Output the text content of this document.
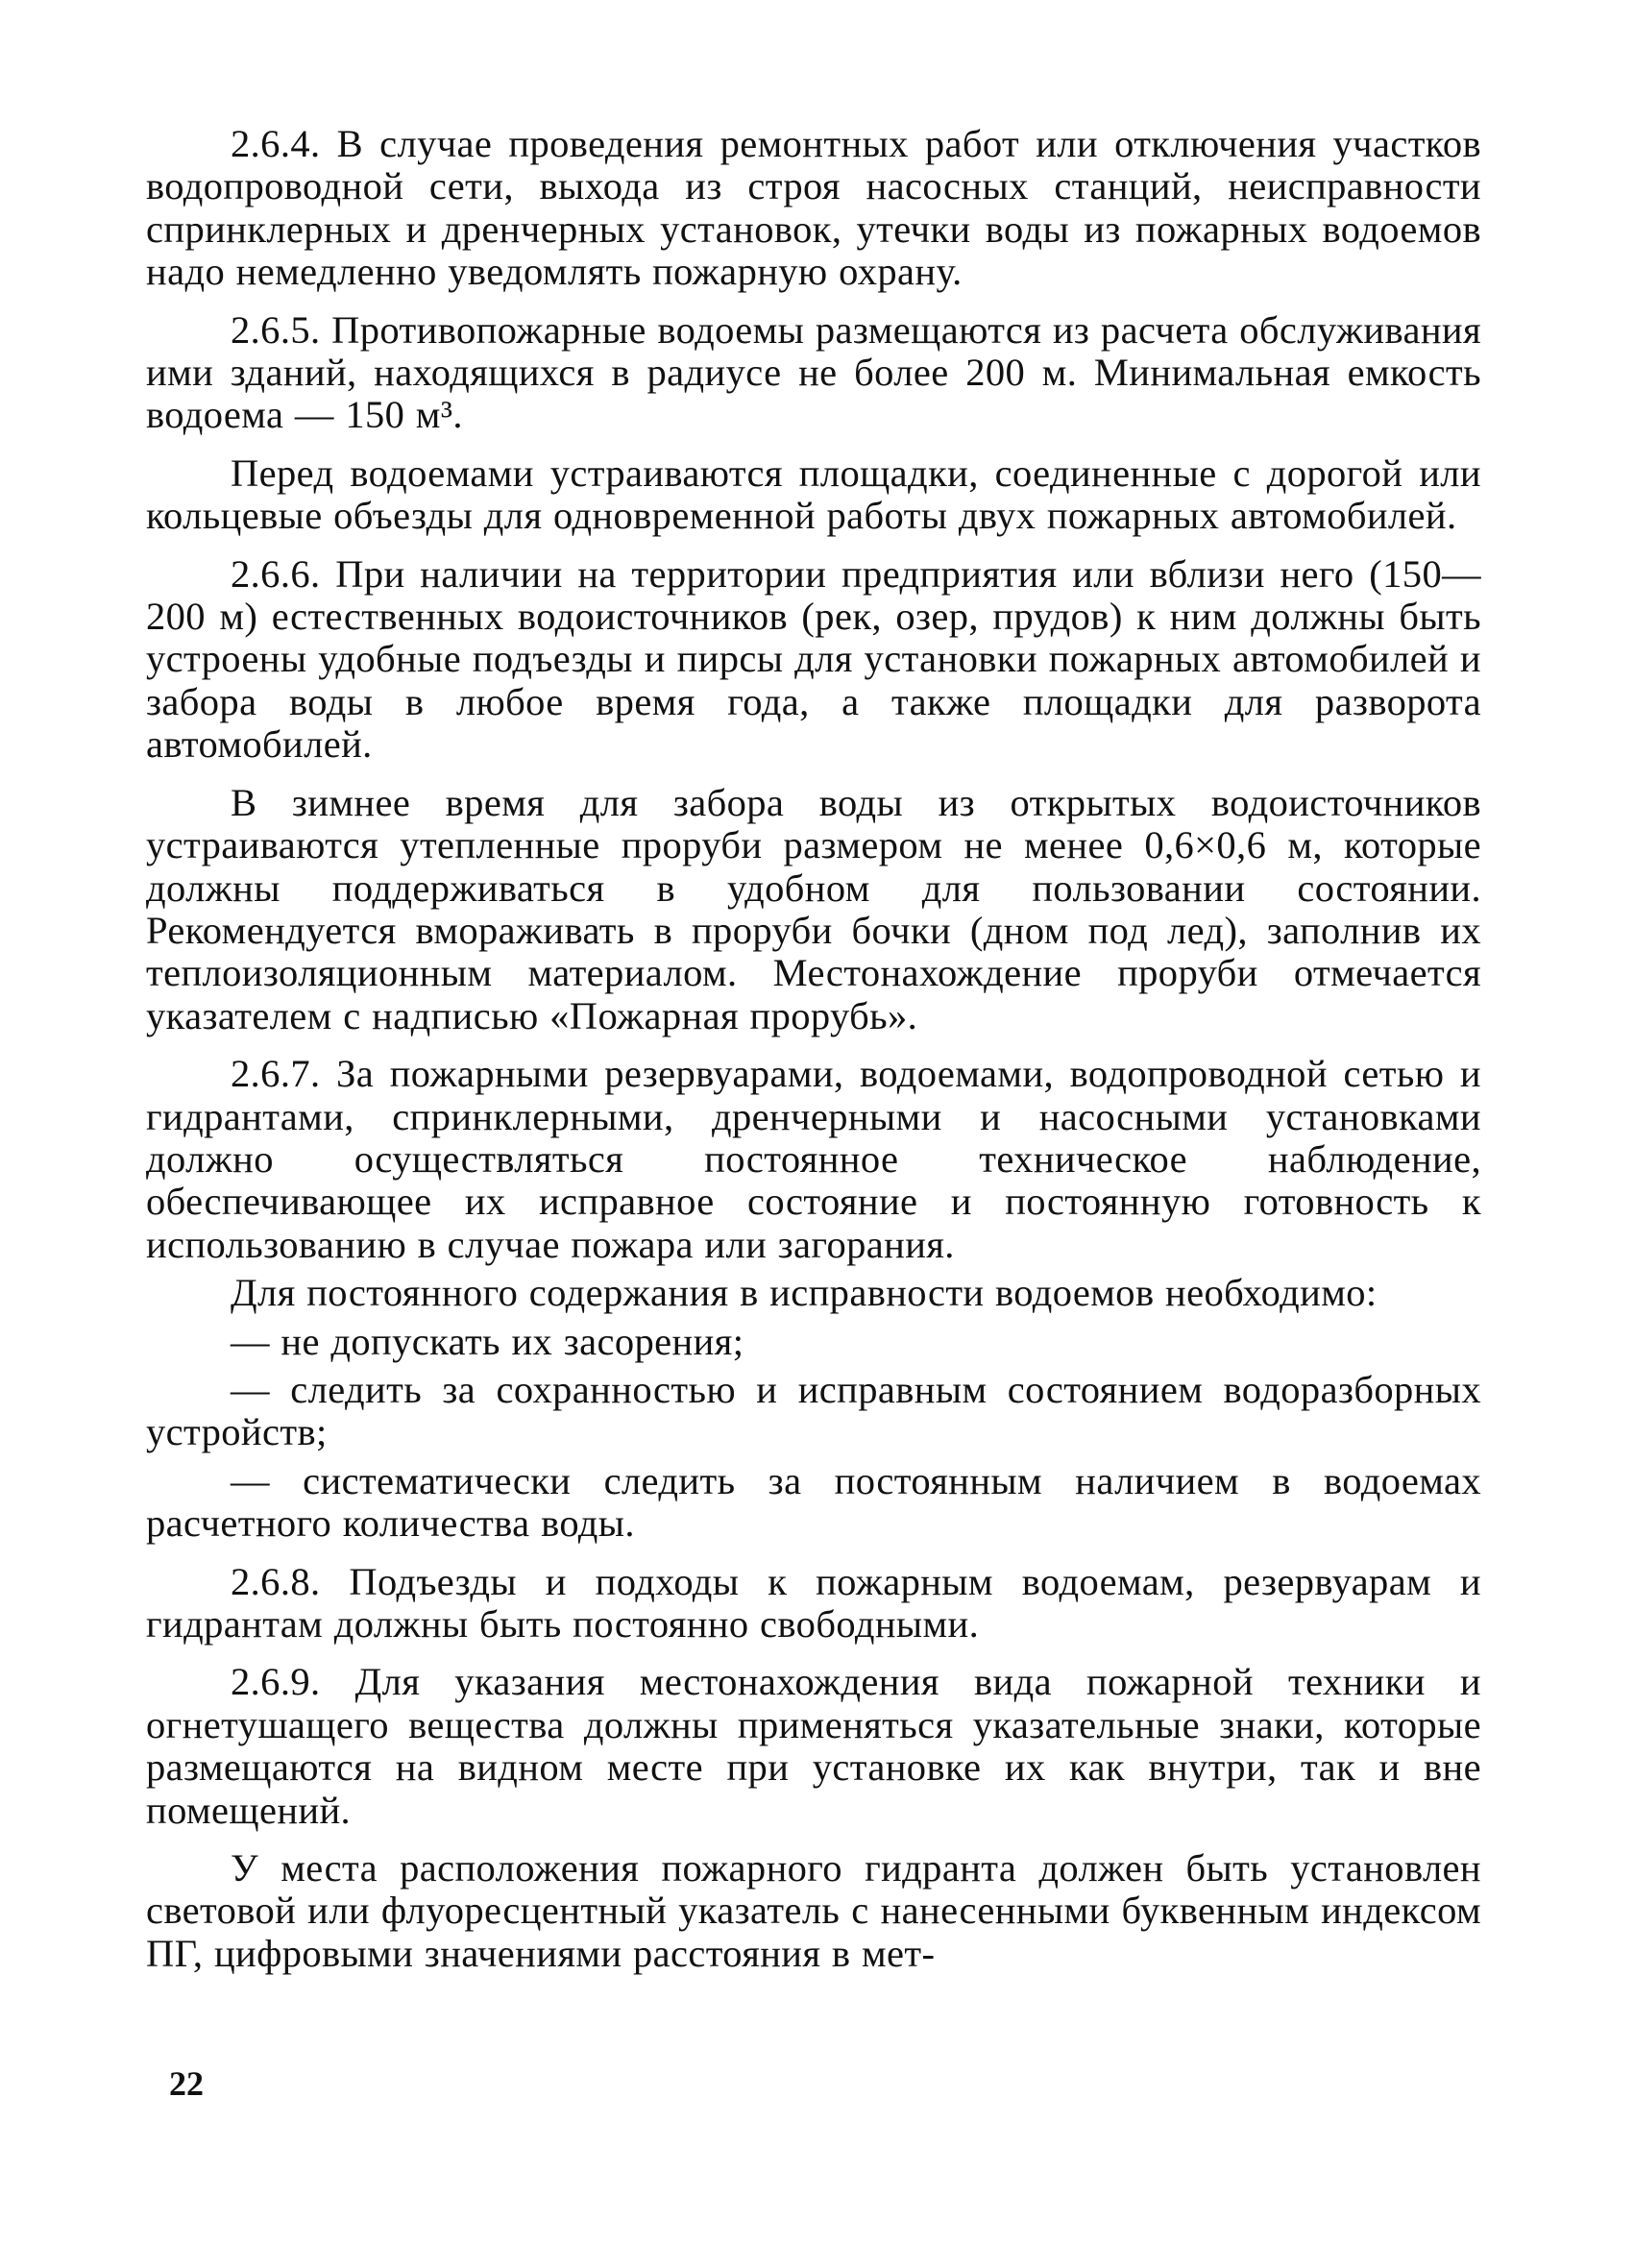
2.6.4. В случае проведения ремонтных работ или отключения участков водопроводной сети, выхода из строя насосных станций, неисправности спринклерных и дренчерных установок, утечки воды из пожарных водоемов надо немедленно уведомлять пожарную охрану.

2.6.5. Противопожарные водоемы размещаются из расчета обслуживания ими зданий, находящихся в радиусе не более 200 м. Минимальная емкость водоема — 150 м³.

Перед водоемами устраиваются площадки, соединенные с дорогой или кольцевые объезды для одновременной работы двух пожарных автомобилей.

2.6.6. При наличии на территории предприятия или вблизи него (150—200 м) естественных водоисточников (рек, озер, прудов) к ним должны быть устроены удобные подъезды и пирсы для установки пожарных автомобилей и забора воды в любое время года, а также площадки для разворота автомобилей.

В зимнее время для забора воды из открытых водоисточников устраиваются утепленные проруби размером не менее 0,6×0,6 м, которые должны поддерживаться в удобном для пользовании состоянии. Рекомендуется вмораживать в проруби бочки (дном под лед), заполнив их теплоизоляционным материалом. Местонахождение проруби отмечается указателем с надписью «Пожарная прорубь».

2.6.7. За пожарными резервуарами, водоемами, водопроводной сетью и гидрантами, спринклерными, дренчерными и насосными установками должно осуществляться постоянное техническое наблюдение, обеспечивающее их исправное состояние и постоянную готовность к использованию в случае пожара или загорания.

Для постоянного содержания в исправности водоемов необходимо:

— не допускать их засорения;

— следить за сохранностью и исправным состоянием водоразборных устройств;

— систематически следить за постоянным наличием в водоемах расчетного количества воды.

2.6.8. Подъезды и подходы к пожарным водоемам, резервуарам и гидрантам должны быть постоянно свободными.

2.6.9. Для указания местонахождения вида пожарной техники и огнетушащего вещества должны применяться указательные знаки, которые размещаются на видном месте при установке их как внутри, так и вне помещений.

У места расположения пожарного гидранта должен быть установлен световой или флуоресцентный указатель с нанесенными буквенным индексом ПГ, цифровыми значениями расстояния в мет-

22
